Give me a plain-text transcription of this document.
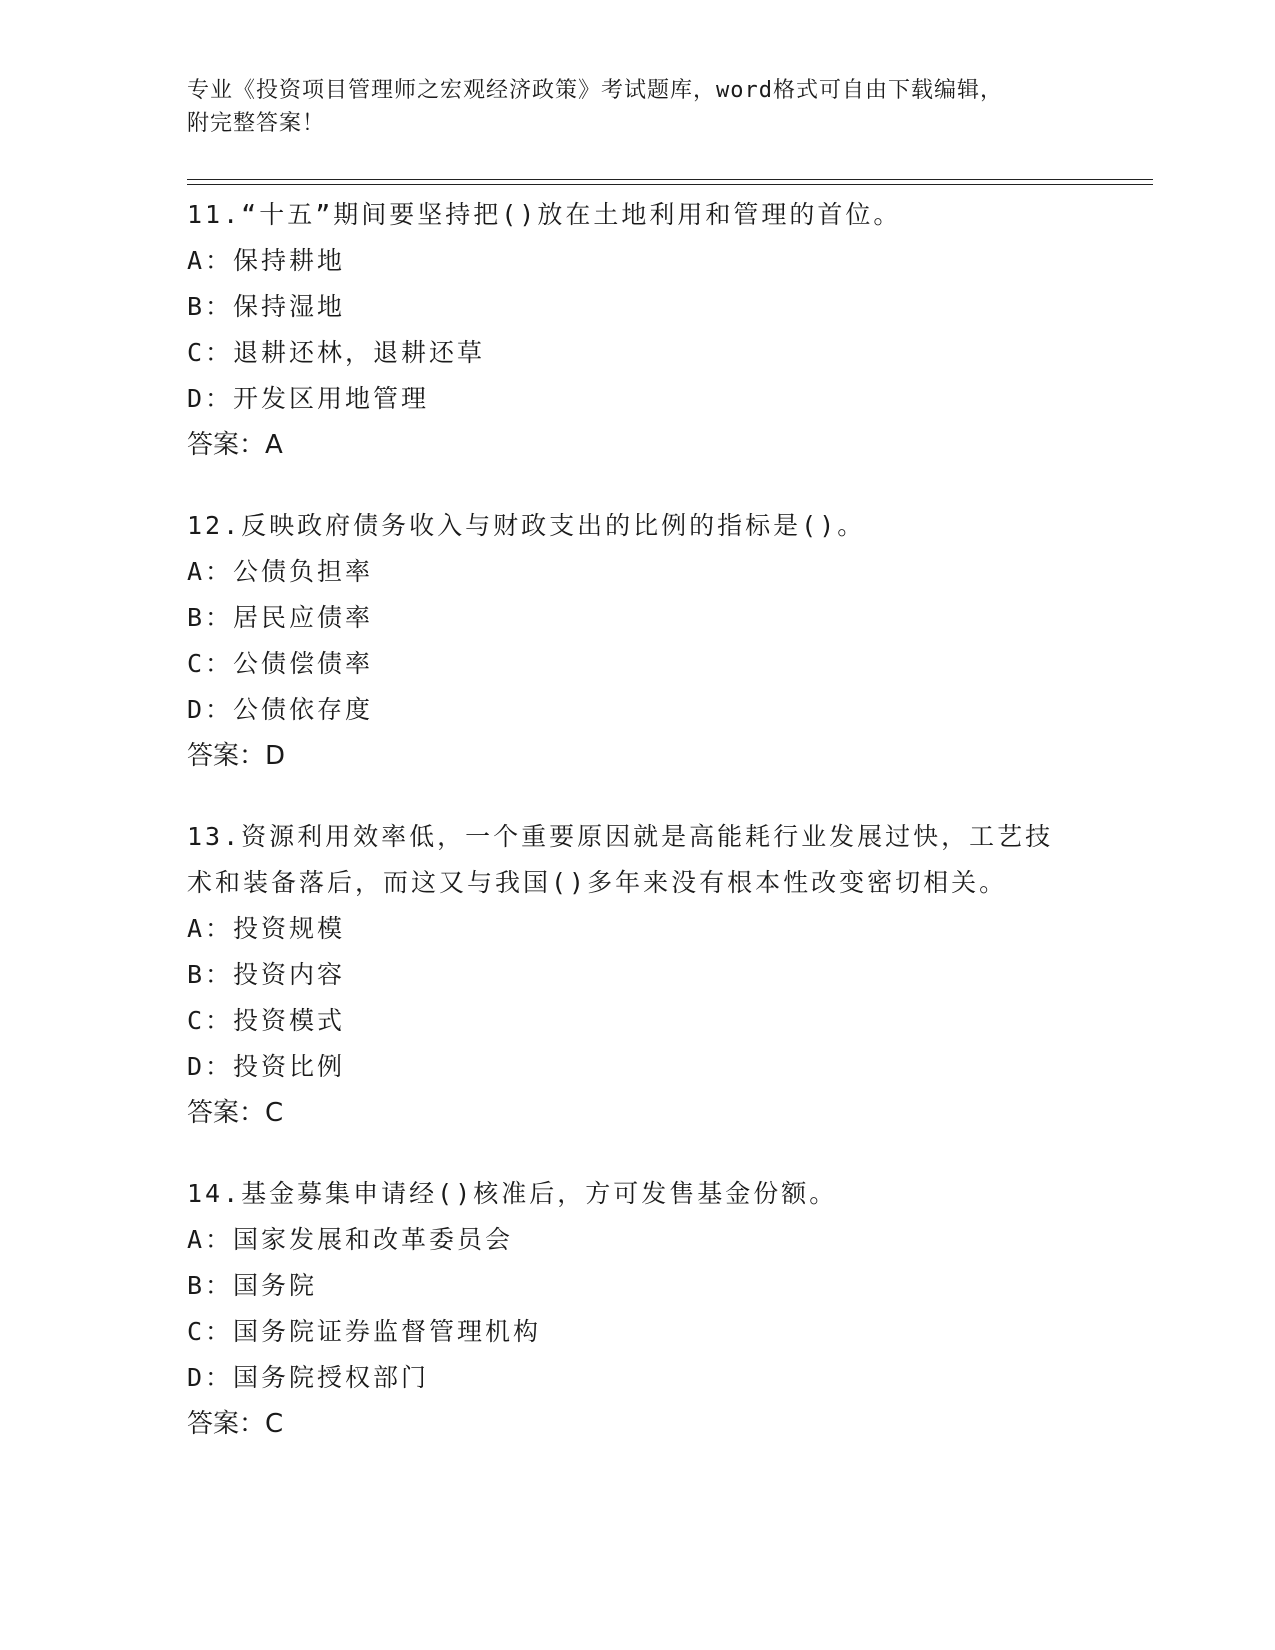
专业《投资项目管理师之宏观经济政策》考试题库，word格式可自由下载编辑，
附完整答案！
11.“十五”期间要坚持把()放在土地利用和管理的首位。
A：保持耕地
B：保持湿地
C：退耕还林，退耕还草
D：开发区用地管理
答案：A
12.反映政府债务收入与财政支出的比例的指标是()。
A：公债负担率
B：居民应债率
C：公债偿债率
D：公债依存度
答案：D
13.资源利用效率低，一个重要原因就是高能耗行业发展过快，工艺技
术和装备落后，而这又与我国()多年来没有根本性改变密切相关。
A：投资规模
B：投资内容
C：投资模式
D：投资比例
答案：C
14.基金募集申请经()核准后，方可发售基金份额。
A：国家发展和改革委员会
B：国务院
C：国务院证券监督管理机构
D：国务院授权部门
答案：C
